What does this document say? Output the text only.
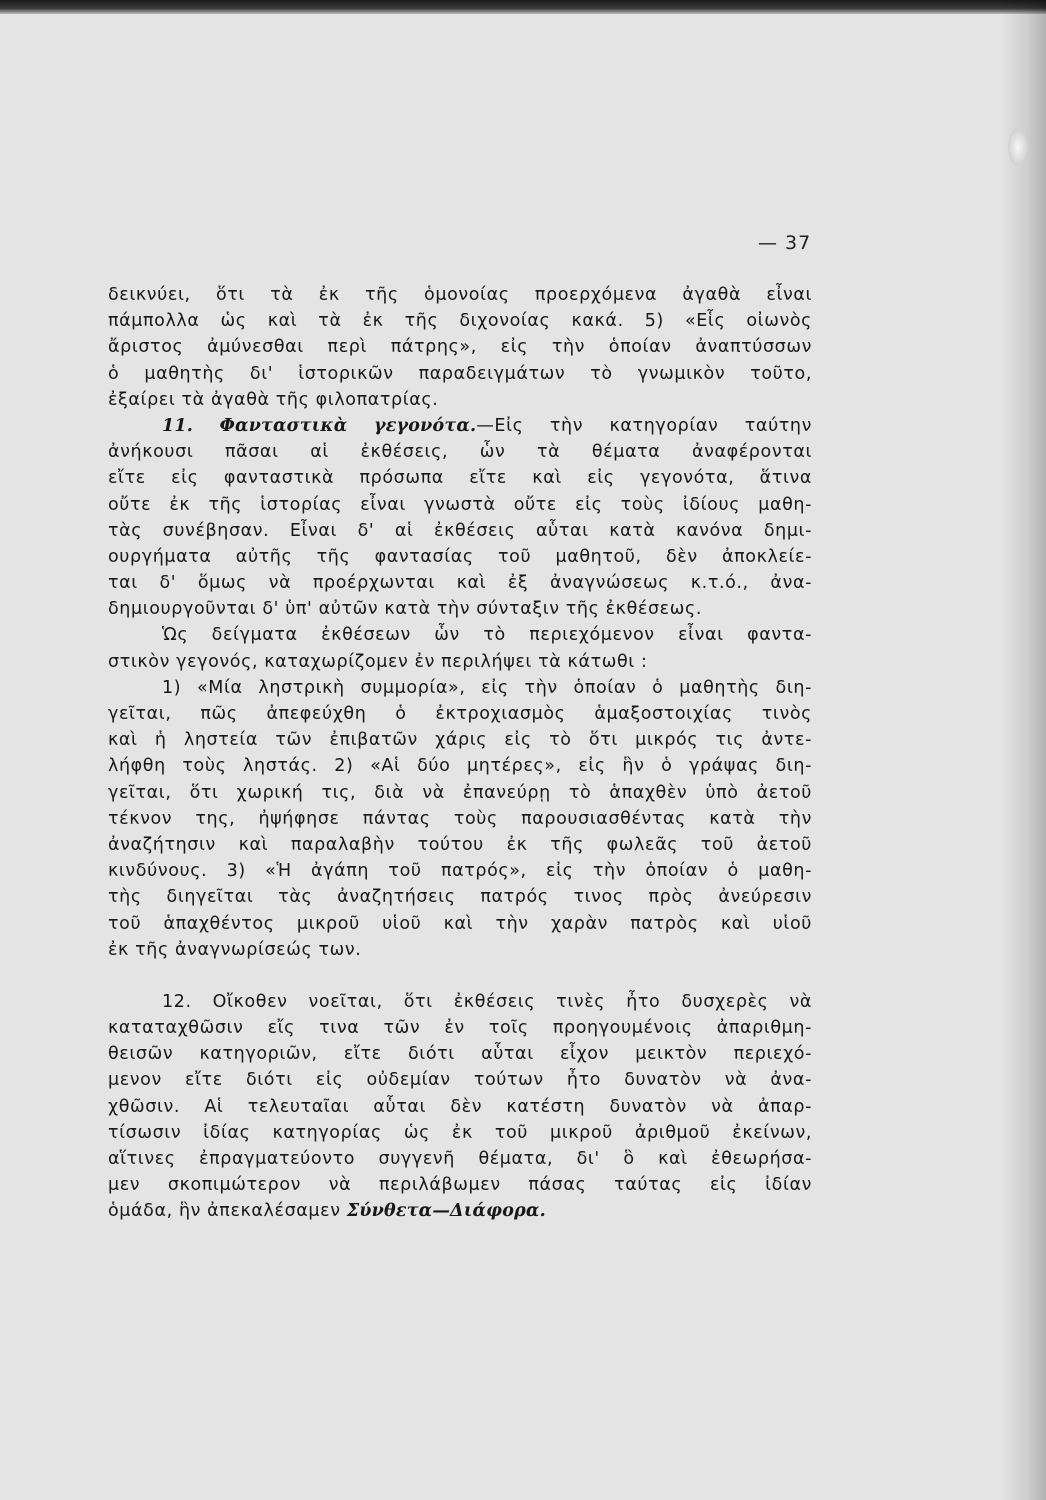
— 37
δεικνύει, ὅτι τὰ ἐκ τῆς ὁμονοίας προερχόμενα ἀγαθὰ εἶναι
πάμπολλα ὡς καὶ τὰ ἐκ τῆς διχονοίας κακά. 5) «Εἷς οἰωνὸς
ἄριστος ἀμύνεσθαι περὶ πάτρης», εἰς τὴν ὁποίαν ἀναπτύσσων
ὁ μαθητὴς δι' ἱστορικῶν παραδειγμάτων τὸ γνωμικὸν τοῦτο,
ἐξαίρει τὰ ἀγαθὰ τῆς φιλοπατρίας.
11. Φανταστικὰ γεγονότα.—Εἰς τὴν κατηγορίαν ταύτην
ἀνήκουσι πᾶσαι αἱ ἐκθέσεις, ὧν τὰ θέματα ἀναφέρονται
εἴτε εἰς φανταστικὰ πρόσωπα εἴτε καὶ εἰς γεγονότα, ἅτινα
οὔτε ἐκ τῆς ἱστορίας εἶναι γνωστὰ οὔτε εἰς τοὺς ἰδίους μαθη-
τὰς συνέβησαν. Εἶναι δ' αἱ ἐκθέσεις αὗται κατὰ κανόνα δημι-
ουργήματα αὐτῆς τῆς φαντασίας τοῦ μαθητοῦ, δὲν ἀποκλείε-
ται δ' ὅμως νὰ προέρχωνται καὶ ἐξ ἀναγνώσεως κ.τ.ό., ἀνα-
δημιουργοῦνται δ' ὑπ' αὐτῶν κατὰ τὴν σύνταξιν τῆς ἐκθέσεως.
Ὡς δείγματα ἐκθέσεων ὧν τὸ περιεχόμενον εἶναι φαντα-
στικὸν γεγονός, καταχωρίζομεν ἐν περιλήψει τὰ κάτωθι :
1) «Μία ληστρικὴ συμμορία», εἰς τὴν ὁποίαν ὁ μαθητὴς διη-
γεῖται, πῶς ἀπεφεύχθη ὁ ἐκτροχιασμὸς ἁμαξοστοιχίας τινὸς
καὶ ἡ ληστεία τῶν ἐπιβατῶν χάρις εἰς τὸ ὅτι μικρός τις ἀντε-
λήφθη τοὺς ληστάς. 2) «Αἱ δύο μητέρες», εἰς ἣν ὁ γράψας διη-
γεῖται, ὅτι χωρική τις, διὰ νὰ ἐπανεύρῃ τὸ ἁπαχθὲν ὑπὸ ἀετοῦ
τέκνον της, ἠψήφησε πάντας τοὺς παρουσιασθέντας κατὰ τὴν
ἀναζήτησιν καὶ παραλαβὴν τούτου ἐκ τῆς φωλεᾶς τοῦ ἀετοῦ
κινδύνους. 3) «Ἡ ἀγάπη τοῦ πατρός», εἰς τὴν ὁποίαν ὁ μαθη-
τὴς διηγεῖται τὰς ἀναζητήσεις πατρός τινος πρὸς ἀνεύρεσιν
τοῦ ἁπαχθέντος μικροῦ υἱοῦ καὶ τὴν χαρὰν πατρὸς καὶ υἱοῦ
ἐκ τῆς ἀναγνωρίσεώς των.
12. Οἴκοθεν νοεῖται, ὅτι ἐκθέσεις τινὲς ἦτο δυσχερὲς νὰ
καταταχθῶσιν εἴς τινα τῶν ἐν τοῖς προηγουμένοις ἀπαριθμη-
θεισῶν κατηγοριῶν, εἴτε διότι αὗται εἶχον μεικτὸν περιεχό-
μενον εἴτε διότι εἰς οὐδεμίαν τούτων ἦτο δυνατὸν νὰ ἀνα-
χθῶσιν. Αἱ τελευταῖαι αὗται δὲν κατέστη δυνατὸν νὰ ἀπαρ-
τίσωσιν ἰδίας κατηγορίας ὡς ἐκ τοῦ μικροῦ ἀριθμοῦ ἐκείνων,
αἵτινες ἐπραγματεύοντο συγγενῆ θέματα, δι' ὃ καὶ ἐθεωρήσα-
μεν σκοπιμώτερον νὰ περιλάβωμεν πάσας ταύτας εἰς ἰδίαν
ὁμάδα, ἣν ἀπεκαλέσαμεν Σύνθετα—Διάφορα.
